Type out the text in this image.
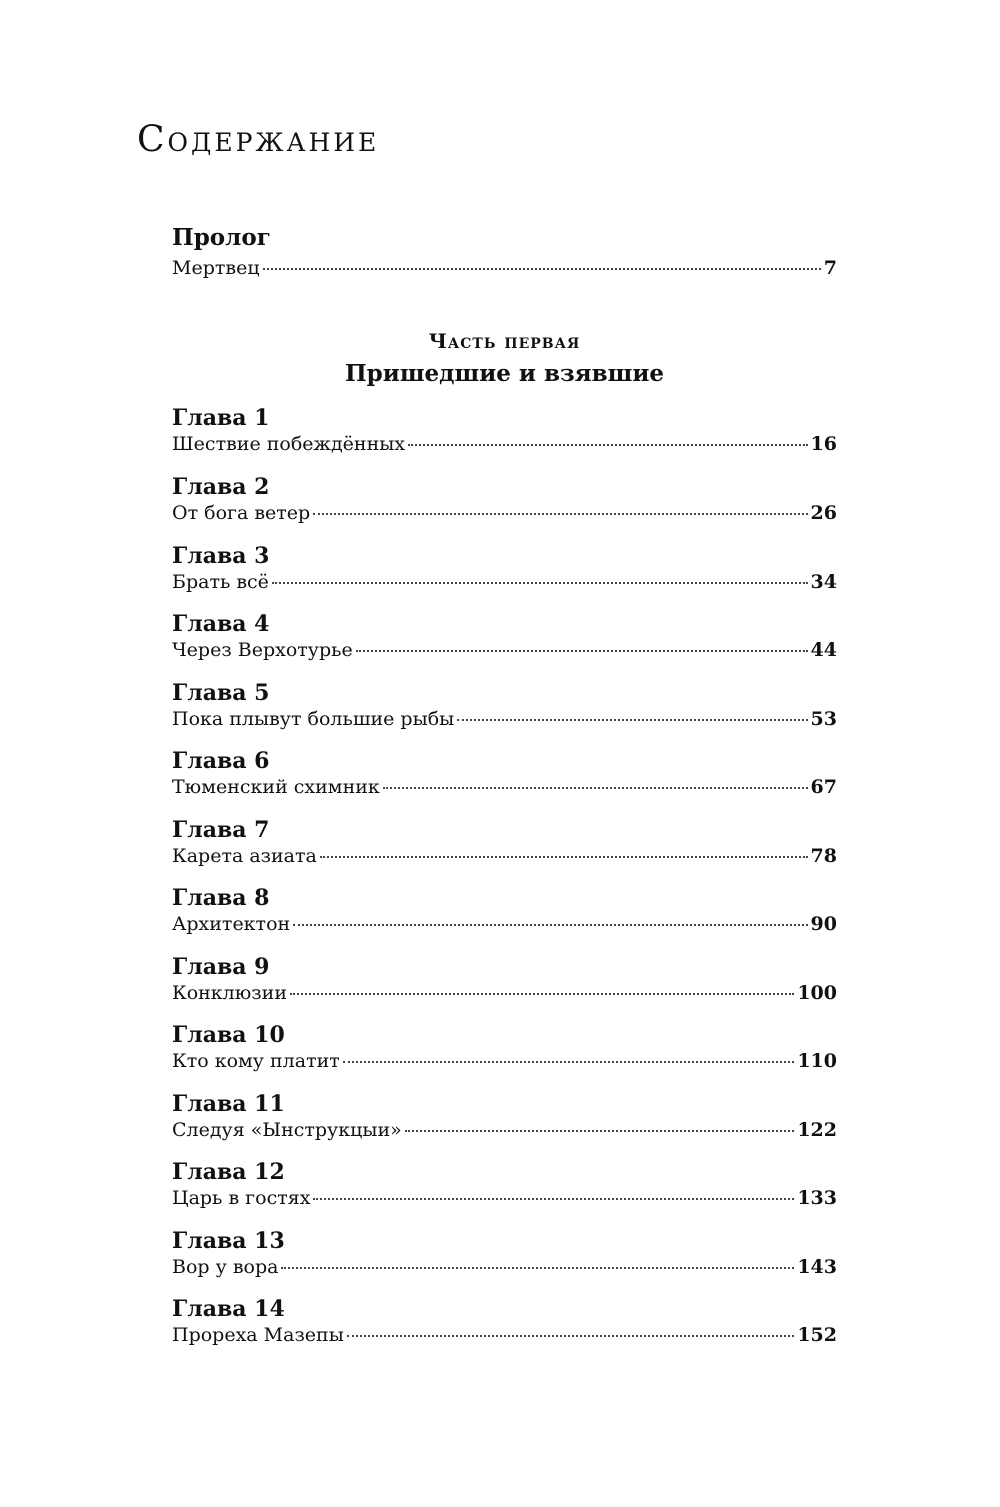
Содержание
Пролог
Мертвец	7
Часть первая
Пришедшие и взявшие
Глава 1
Шествие побеждённых	16
Глава 2
От бога ветер	26
Глава 3
Брать всё	34
Глава 4
Через Верхотурье	44
Глава 5
Пока плывут большие рыбы	53
Глава 6
Тюменский схимник	67
Глава 7
Карета азиата	78
Глава 8
Архитектон	90
Глава 9
Конклюзии	100
Глава 10
Кто кому платит	110
Глава 11
Следуя «Ынструкцыи»	122
Глава 12
Царь в гостях	133
Глава 13
Вор у вора	143
Глава 14
Прореха Мазепы	152
